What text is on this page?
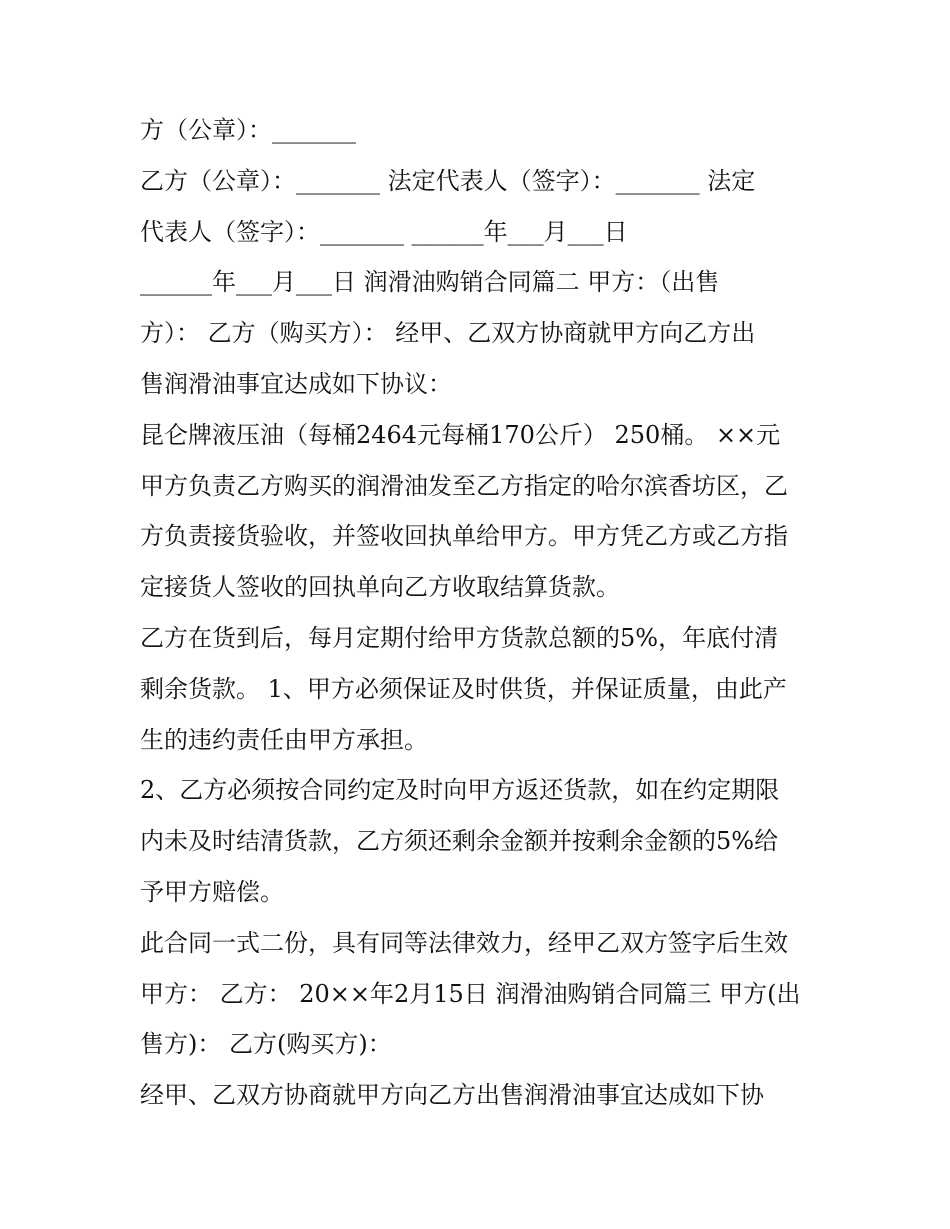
方（公章）：_______

乙方（公章）：_______ 法定代表人（签字）：_______ 法定

代表人（签字）：_______ ______年___月___日

______年___月___日 润滑油购销合同篇二 甲方：（出售

方）： 乙方（购买方）： 经甲、乙双方协商就甲方向乙方出

售润滑油事宜达成如下协议：

昆仑牌液压油（每桶2464元每桶170公斤） 250桶。 ××元

甲方负责乙方购买的润滑油发至乙方指定的哈尔滨香坊区，乙

方负责接货验收，并签收回执单给甲方。甲方凭乙方或乙方指

定接货人签收的回执单向乙方收取结算货款。

乙方在货到后，每月定期付给甲方货款总额的5%，年底付清

剩余货款。 1、甲方必须保证及时供货，并保证质量，由此产

生的违约责任由甲方承担。

2、乙方必须按合同约定及时向甲方返还货款，如在约定期限

内未及时结清货款，乙方须还剩余金额并按剩余金额的5%给

予甲方赔偿。

此合同一式二份，具有同等法律效力，经甲乙双方签字后生效

甲方： 乙方： 20××年2月15日 润滑油购销合同篇三 甲方(出

售方)： 乙方(购买方)：

经甲、乙双方协商就甲方向乙方出售润滑油事宜达成如下协
